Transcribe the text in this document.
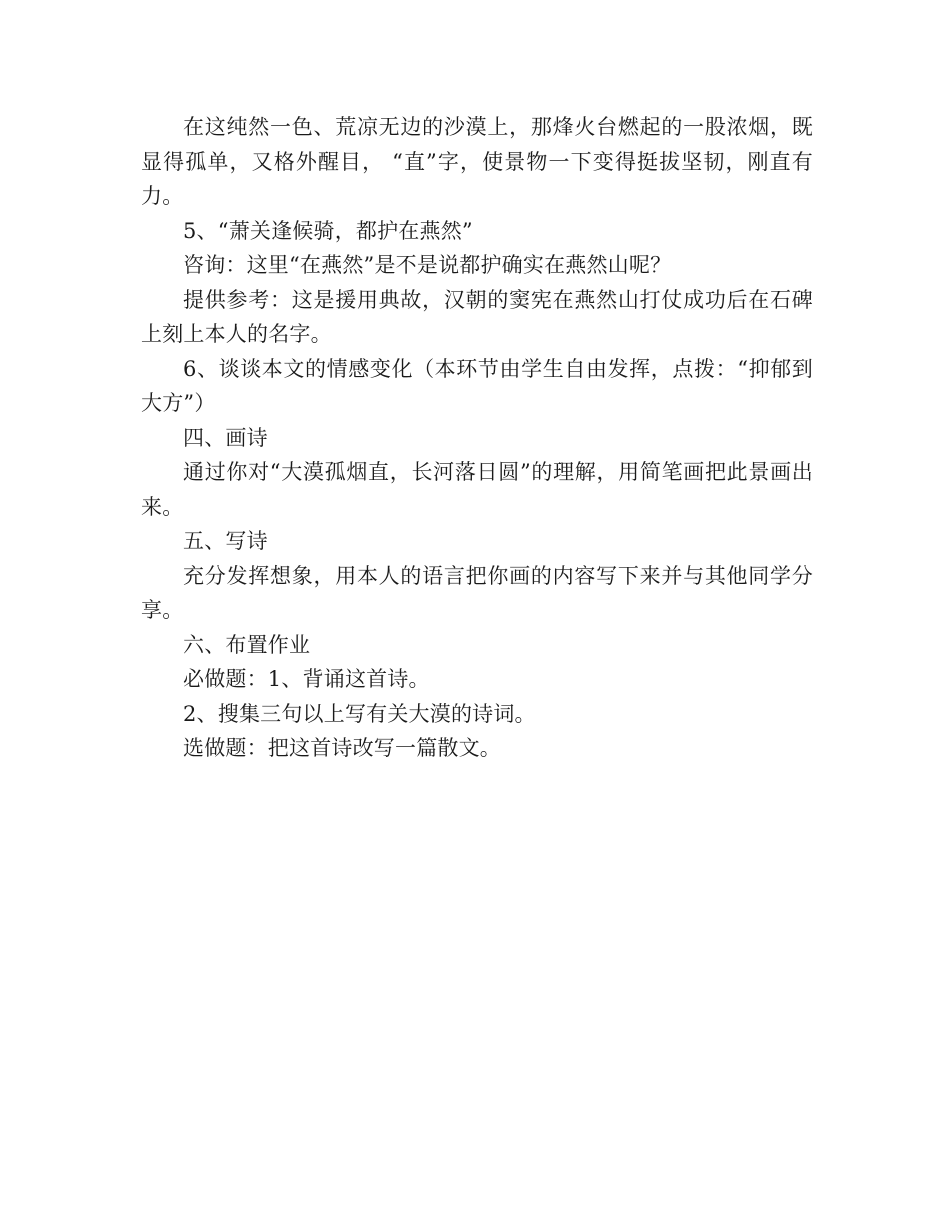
在这纯然一色、荒凉无边的沙漠上，那烽火台燃起的一股浓烟，既显得孤单，又格外醒目， “直”字，使景物一下变得挺拔坚韧，刚直有力。

5、“萧关逢候骑，都护在燕然”

咨询：这里“在燕然”是不是说都护确实在燕然山呢？

提供参考：这是援用典故，汉朝的窦宪在燕然山打仗成功后在石碑上刻上本人的名字。

6、谈谈本文的情感变化（本环节由学生自由发挥，点拨：“抑郁到大方”）

四、画诗

通过你对“大漠孤烟直，长河落日圆”的理解，用简笔画把此景画出来。

五、写诗

充分发挥想象，用本人的语言把你画的内容写下来并与其他同学分享。

六、布置作业

必做题：1、背诵这首诗。

2、搜集三句以上写有关大漠的诗词。

选做题：把这首诗改写一篇散文。
